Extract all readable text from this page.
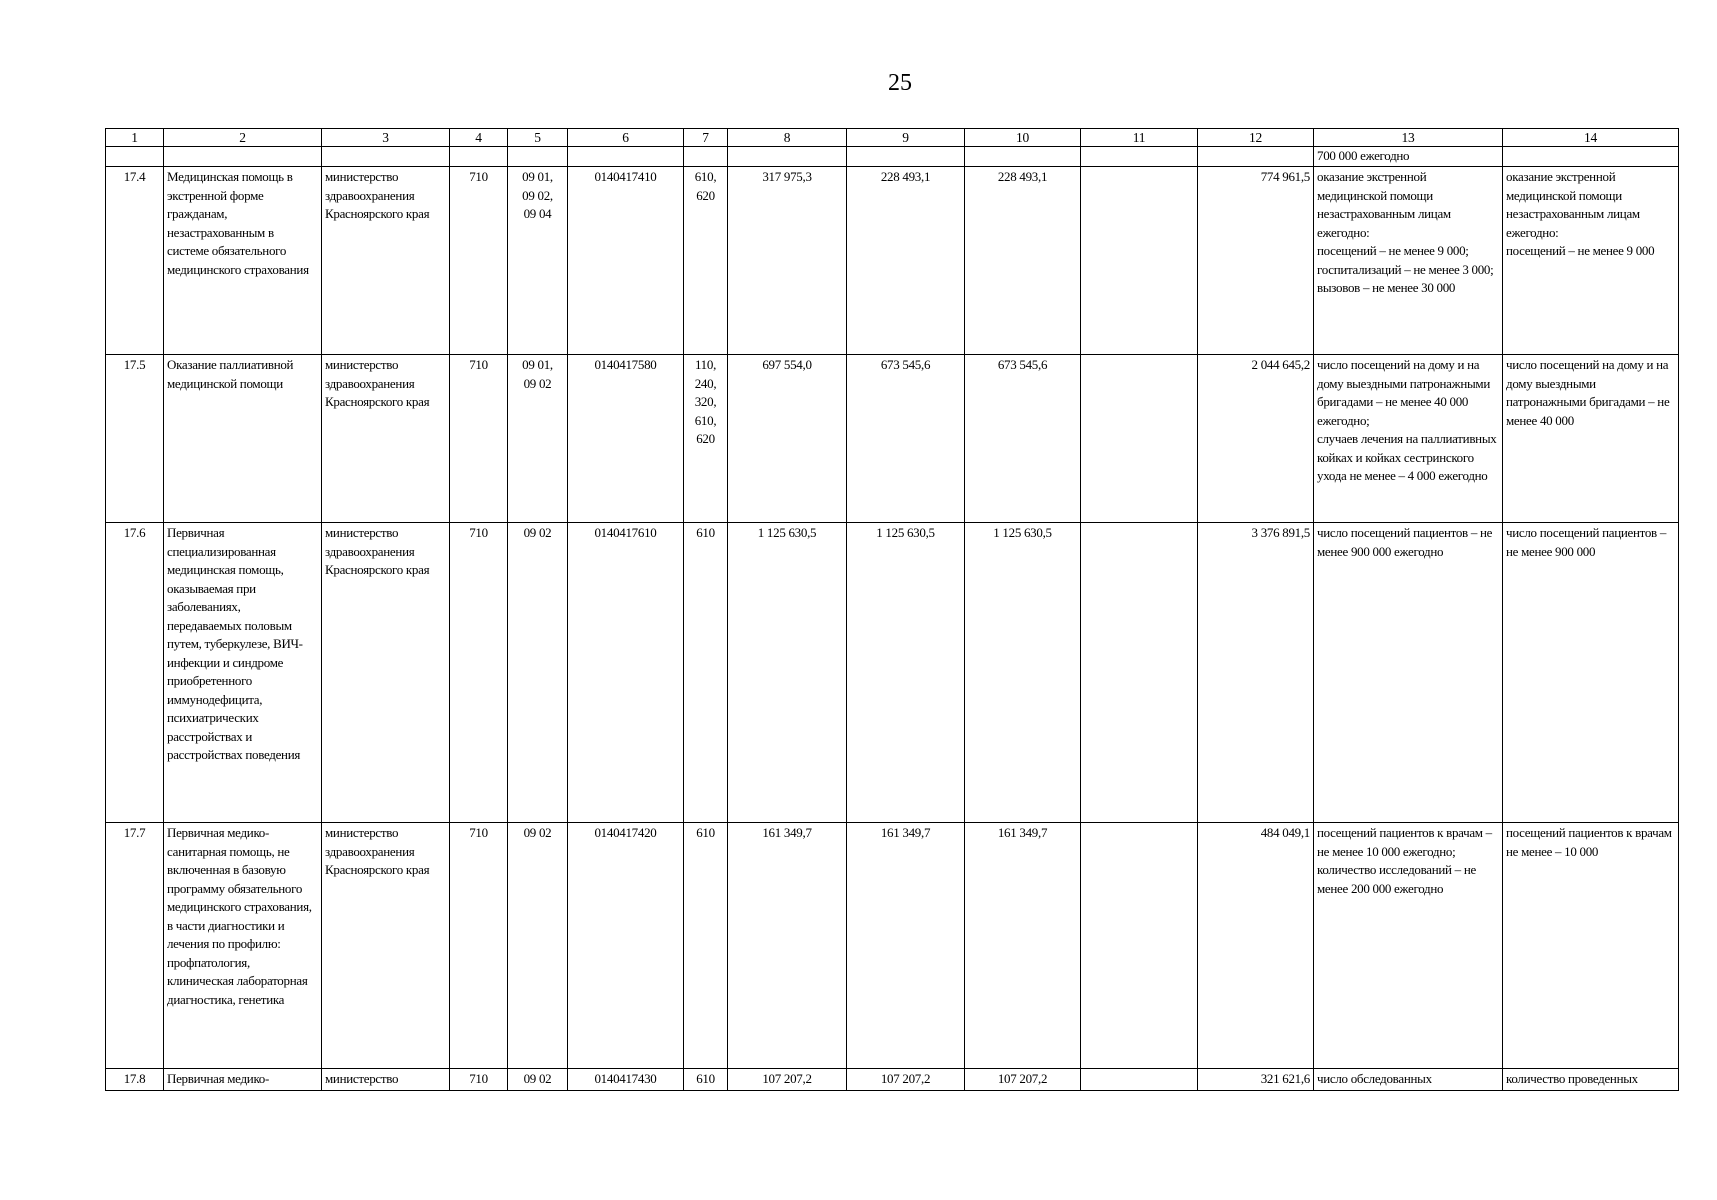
25
1	2	3	4	5	6	7	8	9	10	11	12	13	14
												700 000 ежегодно	
17.4	Медицинская помощь в экстренной форме гражданам, незастрахованным в системе обязательного медицинского страхования	министерство здравоохранения Красноярского края	710	09 01,
09 02,
09 04	0140417410	610,
620	317 975,3	228 493,1	228 493,1		774 961,5	оказание экстренной медицинской помощи незастрахованным лицам ежегодно:
посещений – не менее 9 000;
госпитализаций – не менее 3 000;
вызовов – не менее 30 000	оказание экстренной медицинской помощи незастрахованным лицам ежегодно:
посещений – не менее 9 000
17.5	Оказание паллиативной медицинской помощи	министерство здравоохранения Красноярского края	710	09 01,
09 02	0140417580	110,
240,
320,
610,
620	697 554,0	673 545,6	673 545,6		2 044 645,2	число посещений на дому и на дому выездными патронажными бригадами – не менее 40 000 ежегодно;
случаев лечения на паллиативных койках и койках сестринского ухода не менее – 4 000 ежегодно	число посещений на дому и на дому выездными патронажными бригадами – не менее 40 000
17.6	Первичная специализированная медицинская помощь, оказываемая при заболеваниях, передаваемых половым путем, туберкулезе, ВИЧ-инфекции и синдроме приобретенного иммунодефицита, психиатрических расстройствах и расстройствах поведения	министерство здравоохранения Красноярского края	710	09 02	0140417610	610	1 125 630,5	1 125 630,5	1 125 630,5		3 376 891,5	число посещений пациентов – не менее 900 000 ежегодно	число посещений пациентов – не менее 900 000
17.7	Первичная медико-санитарная помощь, не включенная в базовую программу обязательного медицинского страхования, в части диагностики и лечения по профилю: профпатология, клиническая лабораторная диагностика, генетика	министерство здравоохранения Красноярского края	710	09 02	0140417420	610	161 349,7	161 349,7	161 349,7		484 049,1	посещений пациентов к врачам – не менее 10 000 ежегодно;
количество исследований – не менее 200 000 ежегодно	посещений пациентов к врачам не менее – 10 000
17.8	Первичная медико-	министерство	710	09 02	0140417430	610	107 207,2	107 207,2	107 207,2		321 621,6	число обследованных	количество проведенных
